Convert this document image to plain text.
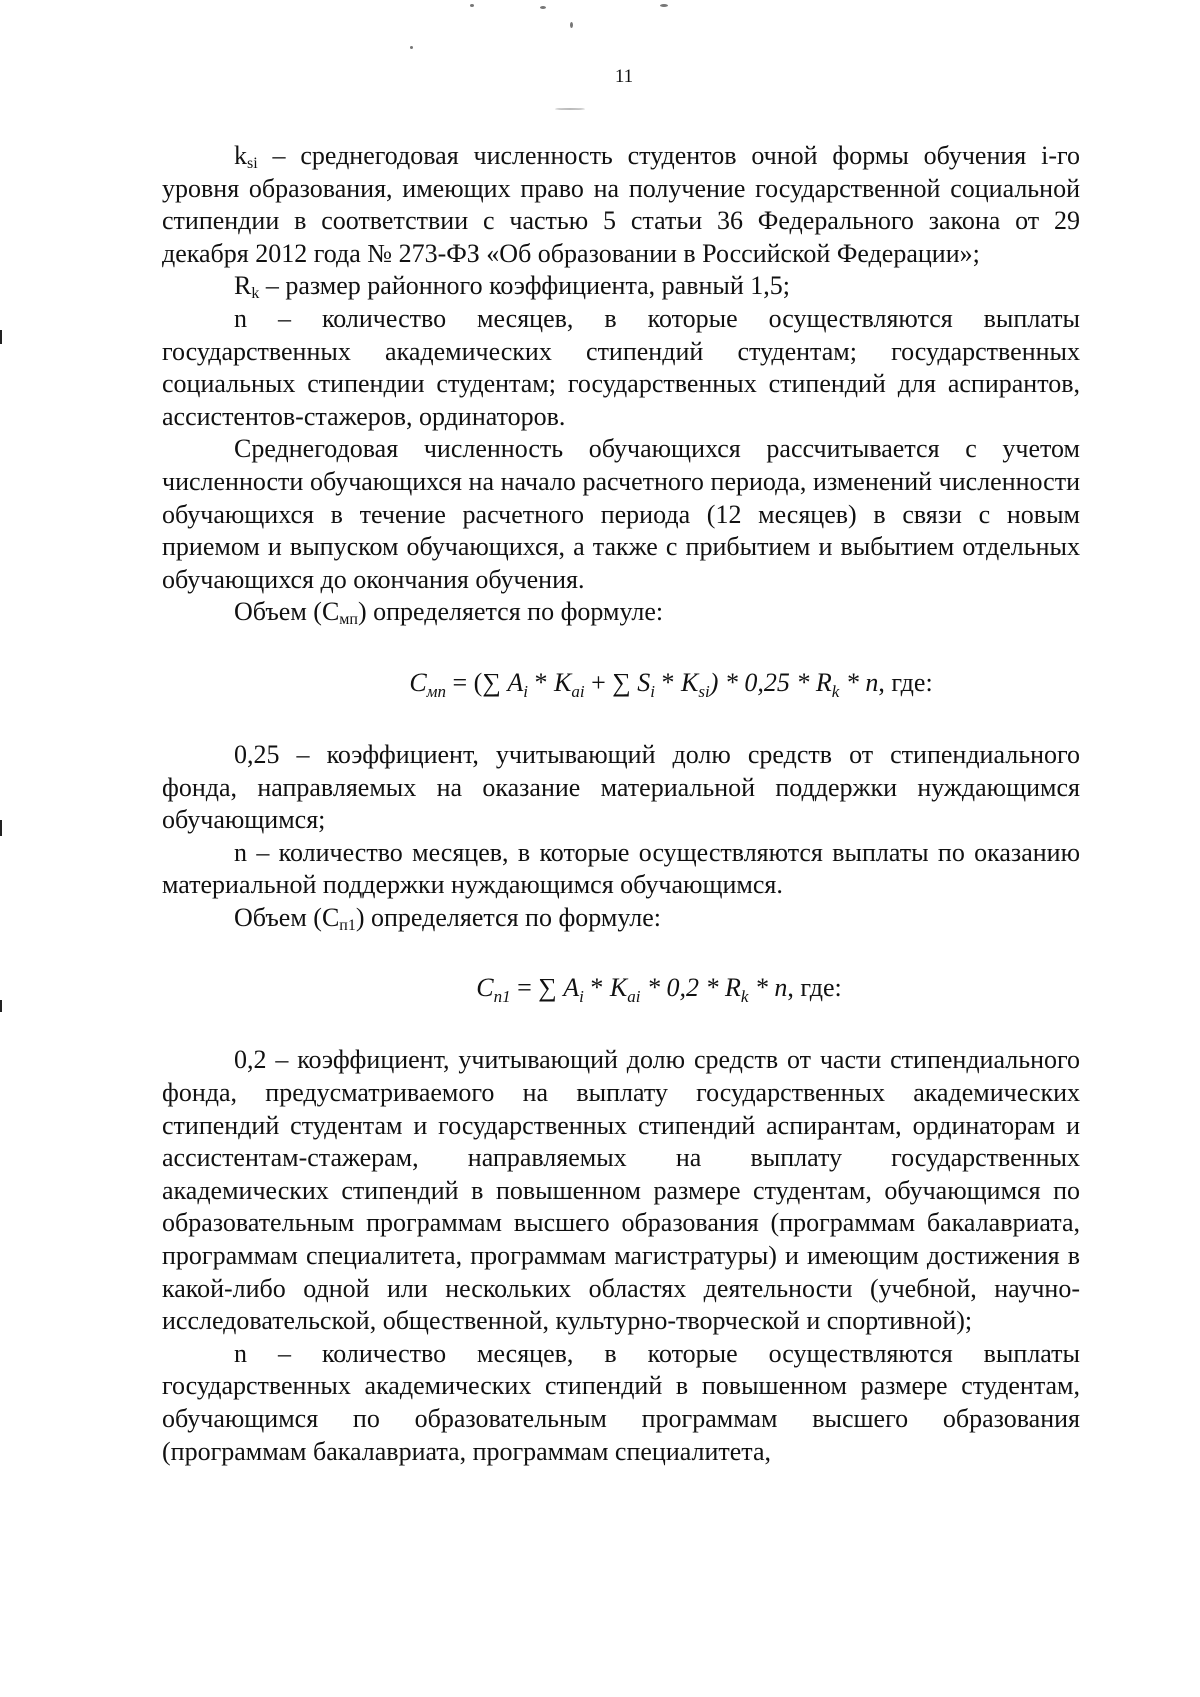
11

$k_{si}$ – среднегодовая численность студентов очной формы обучения i-го уровня образования, имеющих право на получение государственной социальной стипендии в соответствии с частью 5 статьи 36 Федерального закона от 29 декабря 2012 года № 273-ФЗ «Об образовании в Российской Федерации»;

$R_k$ – размер районного коэффициента, равный 1,5;

n – количество месяцев, в которые осуществляются выплаты государственных академических стипендий студентам; государственных социальных стипендии студентам; государственных стипендий для аспирантов, ассистентов-стажеров, ординаторов.

Среднегодовая численность обучающихся рассчитывается с учетом численности обучающихся на начало расчетного периода, изменений численности обучающихся в течение расчетного периода (12 месяцев) в связи с новым приемом и выпуском обучающихся, а также с прибытием и выбытием отдельных обучающихся до окончания обучения.

Объем $(С_{мп})$ определяется по формуле:

$C_{мп}$ = (∑ $A_i * K_{ai}$ + ∑ $S_i * K_{si}) * 0,25 * R_k$ * n, где:

0,25 – коэффициент, учитывающий долю средств от стипендиального фонда, направляемых на оказание материальной поддержки нуждающимся обучающимся;

n – количество месяцев, в которые осуществляются выплаты по оказанию материальной поддержки нуждающимся обучающимся.

Объем $(С_{п1})$ определяется по формуле:

$C_{п1}$ = ∑ $A_i * K_{ai} * 0,2 * R_k$ * n, где:

0,2 – коэффициент, учитывающий долю средств от части стипендиального фонда, предусматриваемого на выплату государственных академических стипендий студентам и государственных стипендий аспирантам, ординаторам и ассистентам-стажерам, направляемых на выплату государственных академических стипендий в повышенном размере студентам, обучающимся по образовательным программам высшего образования (программам бакалавриата, программам специалитета, программам магистратуры) и имеющим достижения в какой-либо одной или нескольких областях деятельности (учебной, научно-исследовательской, общественной, культурно-творческой и спортивной);

n – количество месяцев, в которые осуществляются выплаты государственных академических стипендий в повышенном размере студентам, обучающимся по образовательным программам высшего образования (программам бакалавриата, программам специалитета,
